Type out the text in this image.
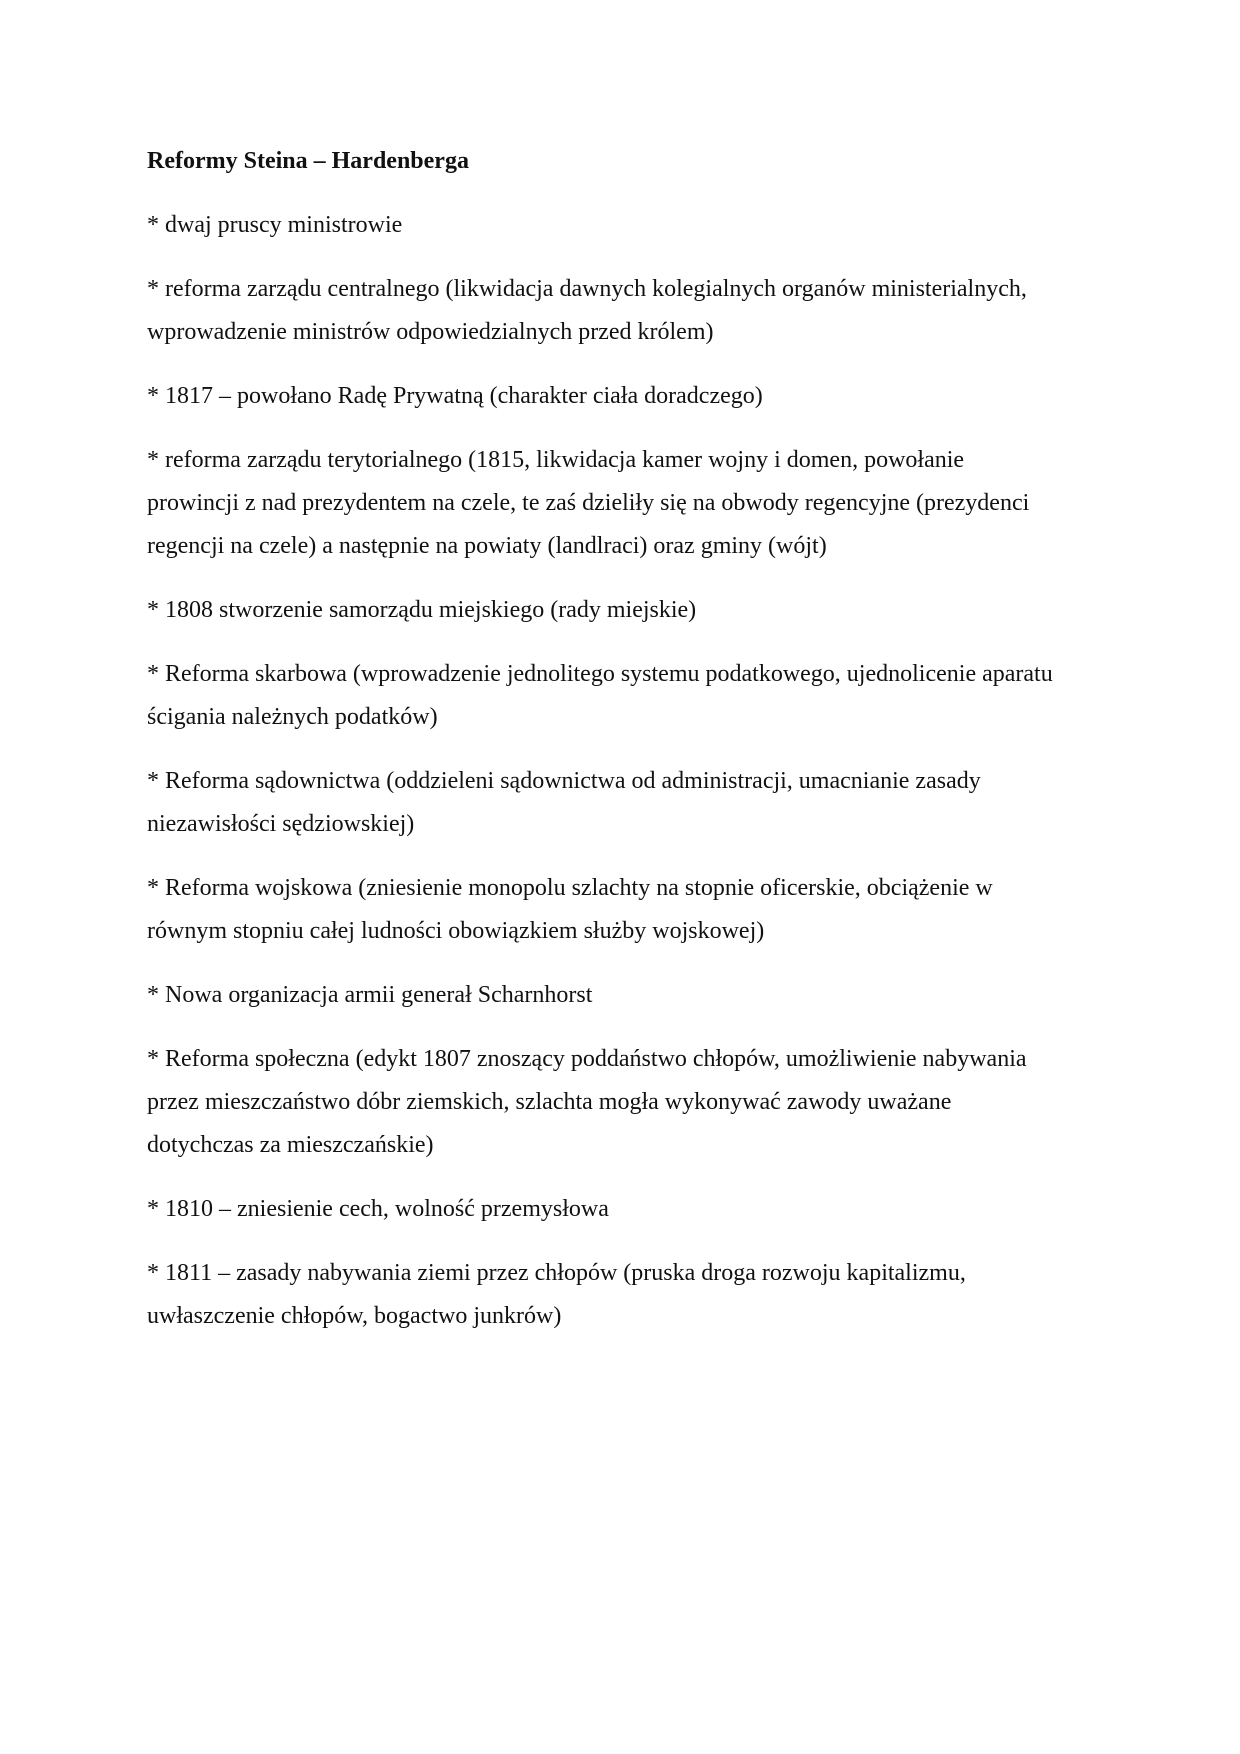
Reformy Steina – Hardenberga
* dwaj pruscy ministrowie
* reforma zarządu centralnego (likwidacja dawnych kolegialnych organów ministerialnych,
wprowadzenie ministrów odpowiedzialnych przed królem)
* 1817 – powołano Radę Prywatną (charakter ciała doradczego)
* reforma zarządu terytorialnego (1815, likwidacja kamer wojny i domen, powołanie
prowincji z nad prezydentem na czele, te zaś dzieliły się na obwody regencyjne (prezydenci
regencji na czele) a następnie na powiaty (landlraci) oraz gminy (wójt)
* 1808 stworzenie samorządu miejskiego (rady miejskie)
* Reforma skarbowa (wprowadzenie jednolitego systemu podatkowego, ujednolicenie aparatu
ścigania należnych podatków)
* Reforma sądownictwa (oddzieleni sądownictwa od administracji, umacnianie zasady
niezawisłości sędziowskiej)
* Reforma wojskowa (zniesienie monopolu szlachty na stopnie oficerskie, obciążenie w
równym stopniu całej ludności obowiązkiem służby wojskowej)
* Nowa organizacja armii generał Scharnhorst
* Reforma społeczna (edykt 1807 znoszący poddaństwo chłopów, umożliwienie nabywania
przez mieszczaństwo dóbr ziemskich, szlachta mogła wykonywać zawody uważane
dotychczas za mieszczańskie)
* 1810 – zniesienie cech, wolność przemysłowa
* 1811 – zasady nabywania ziemi przez chłopów (pruska droga rozwoju kapitalizmu,
uwłaszczenie chłopów, bogactwo junkrów)
